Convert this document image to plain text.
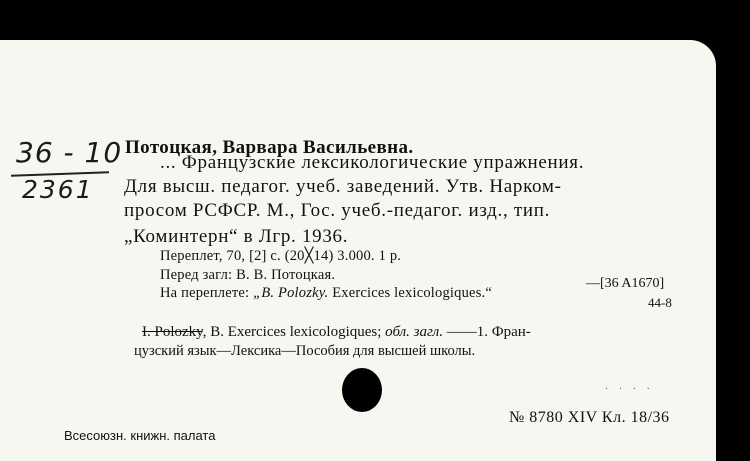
36 - 10
2361
Потоцкая, Варвара Васильевна.
... Французские лексикологические упражнения.
Для высш. педагог. учеб. заведений. Утв. Нарком-
просом РСФСР. М., Гос. учеб.-педагог. изд., тип.
„Коминтерн“ в Лгр. 1936.
Переплет, 70, [2] с. (20╳14) 3.000. 1 р.
Перед загл: В. В. Потоцкая.
На переплете: „B. Polozky. Exercices lexicologiques.“
—[36 A1670]
44-8
I. Polozky, B. Exercices lexicologiques; обл. загл. ——1. Фран-
цузский язык—Лексика—Пособия для высшей школы.
· · · ·
Всесоюзн. книжн. палата
№ 8780 XIV Кл. 18/36
